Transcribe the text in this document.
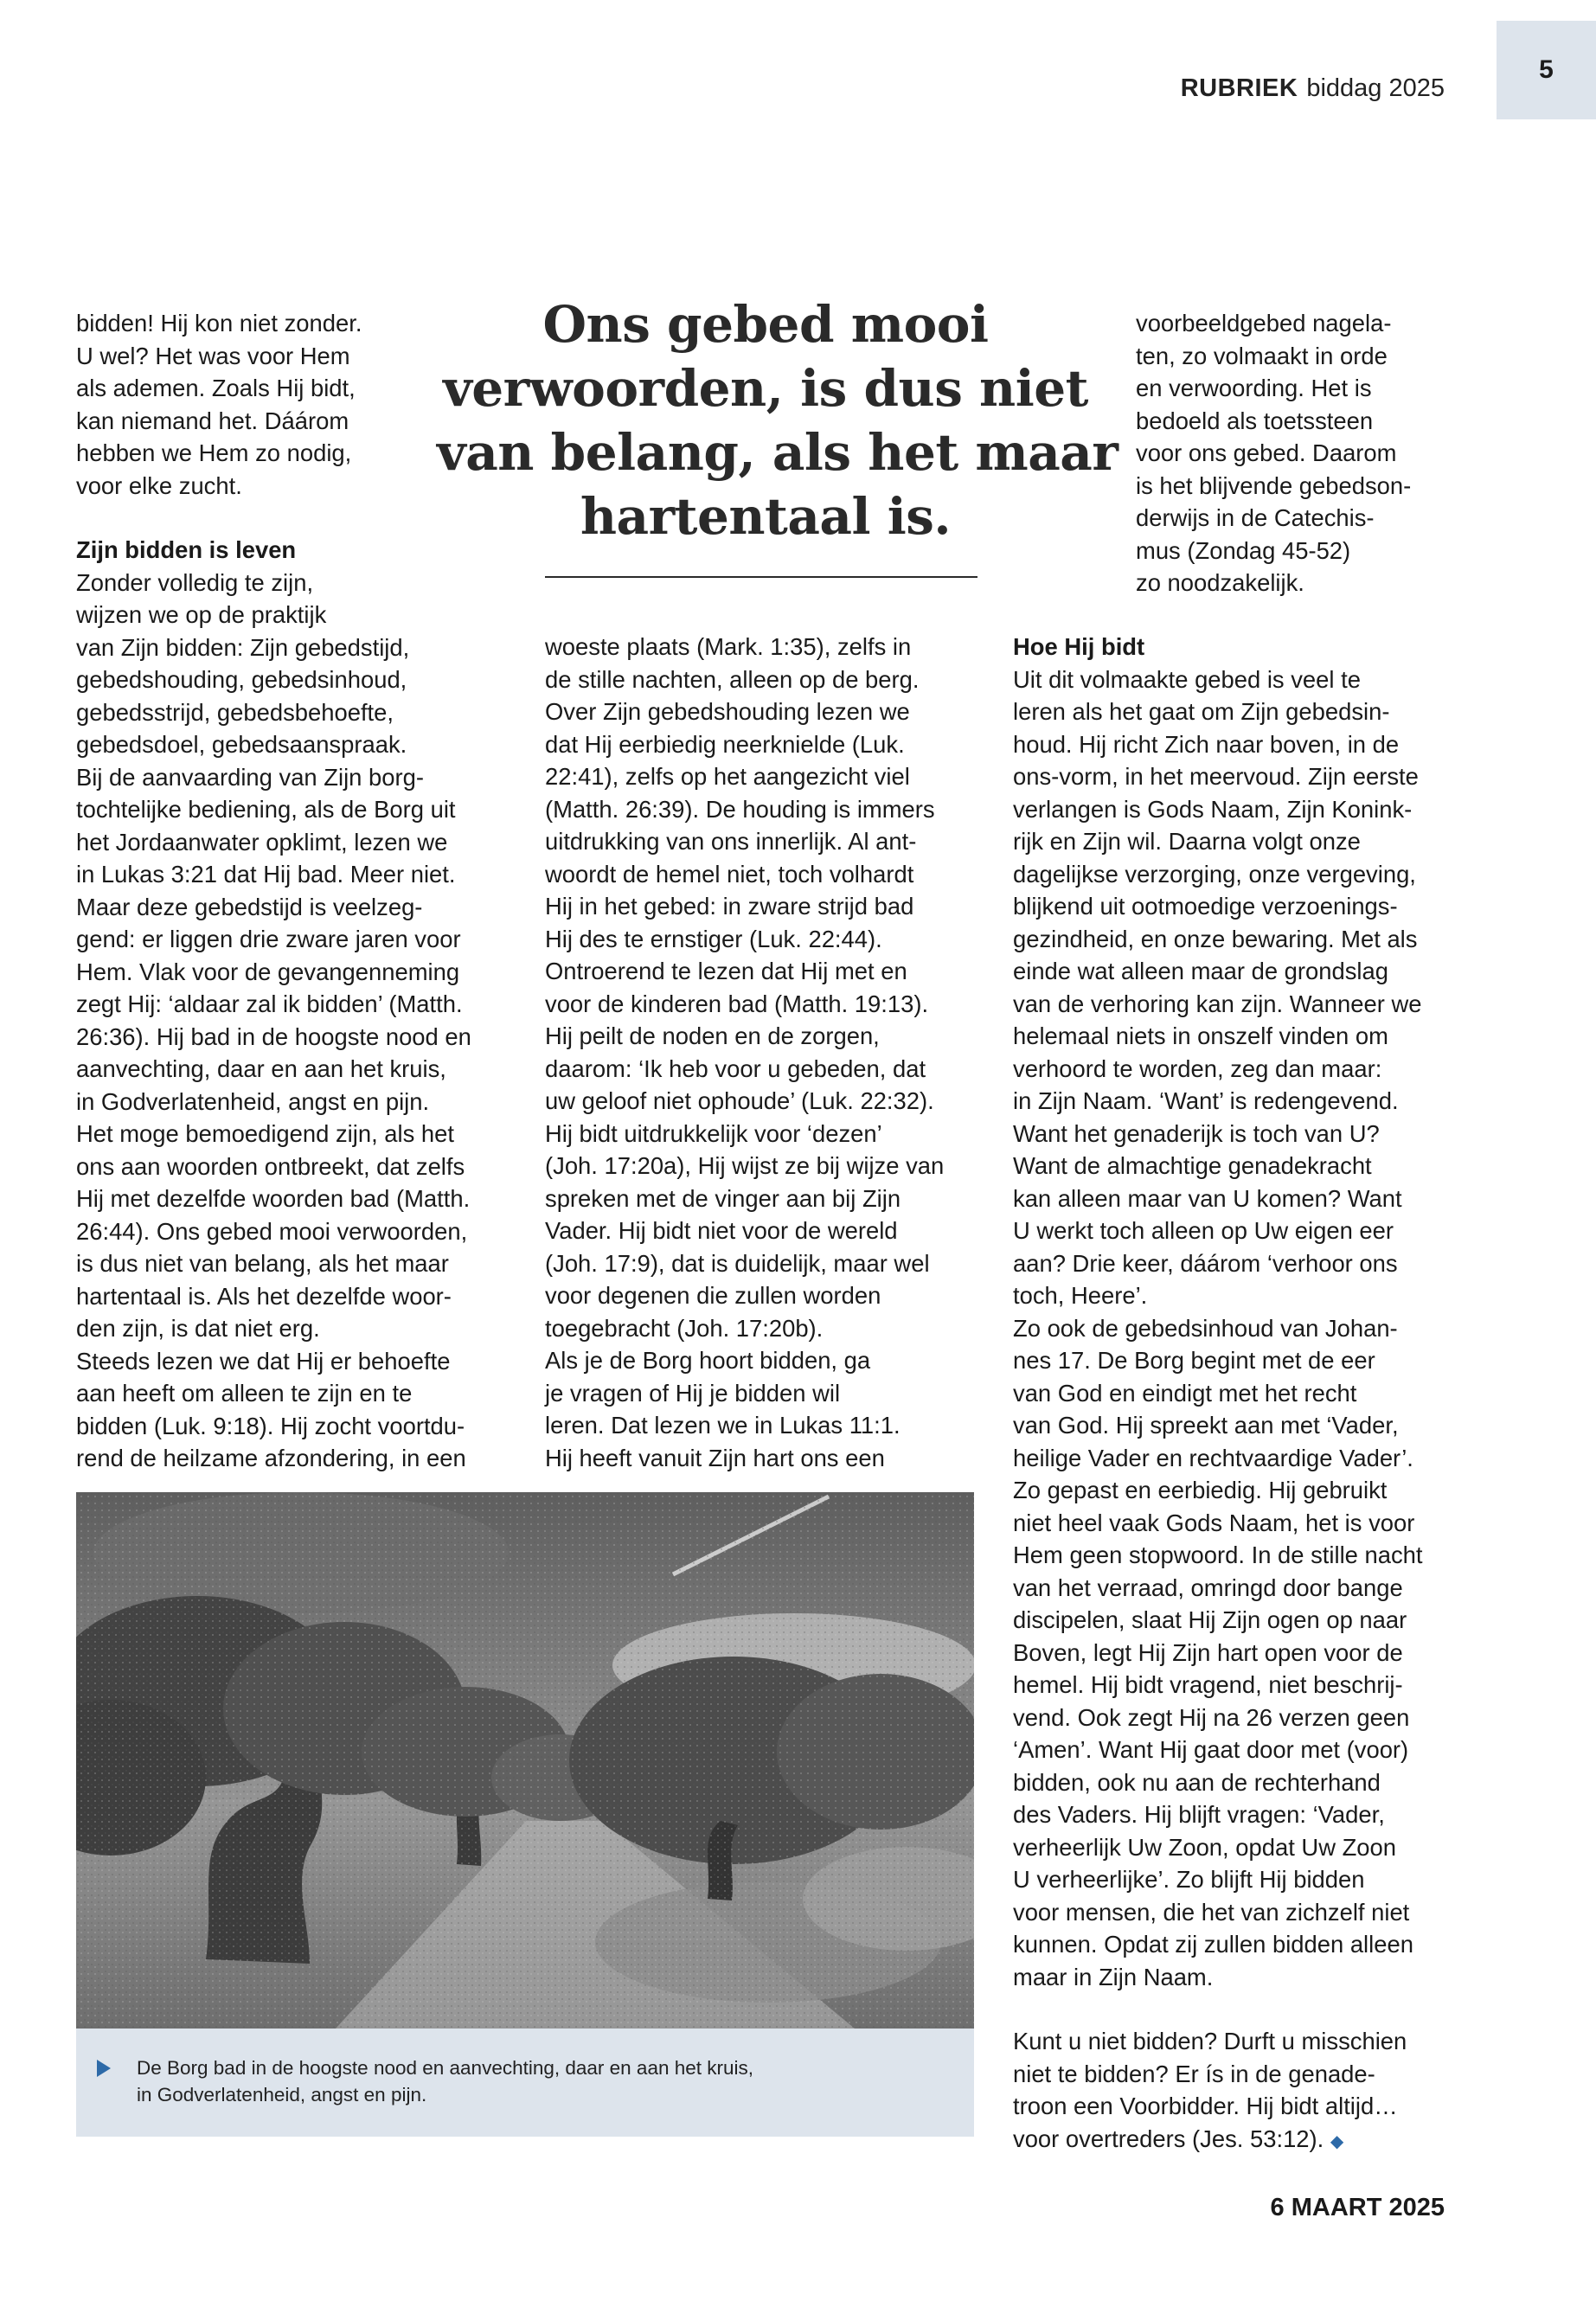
5
RUBRIEK biddag 2025

bidden! Hij kon niet zonder.

U wel? Het was voor Hem

als ademen. Zoals Hij bidt,

kan niemand het. Dáárom

hebben we Hem zo nodig,

voor elke zucht.

Zijn bidden is leven

Zonder volledig te zijn,

wijzen we op de praktijk

van Zijn bidden: Zijn gebedstijd,

gebedshouding, gebedsinhoud,

gebedsstrijd, gebedsbehoefte,

gebedsdoel, gebedsaanspraak.

Bij de aanvaarding van Zijn borg-

tochtelijke bediening, als de Borg uit

het Jordaanwater opklimt, lezen we

in Lukas 3:21 dat Hij bad. Meer niet.

Maar deze gebedstijd is veelzeg-

gend: er liggen drie zware jaren voor

Hem. Vlak voor de gevangenneming

zegt Hij: ‘aldaar zal ik bidden’ (Matth.

26:36). Hij bad in de hoogste nood en

aanvechting, daar en aan het kruis,

in Godverlatenheid, angst en pijn.

Het moge bemoedigend zijn, als het

ons aan woorden ontbreekt, dat zelfs

Hij met dezelfde woorden bad (Matth.

26:44). Ons gebed mooi verwoorden,

is dus niet van belang, als het maar

hartentaal is. Als het dezelfde woor-

den zijn, is dat niet erg.

Steeds lezen we dat Hij er behoefte

aan heeft om alleen te zijn en te

bidden (Luk. 9:18). Hij zocht voortdu-

rend de heilzame afzondering, in een

Ons gebed mooi

verwoorden, is dus niet

van belang, als het maar

hartentaal is.

woeste plaats (Mark. 1:35), zelfs in

de stille nachten, alleen op de berg.

Over Zijn gebedshouding lezen we

dat Hij eerbiedig neerknielde (Luk.

22:41), zelfs op het aangezicht viel

(Matth. 26:39). De houding is immers

uitdrukking van ons innerlijk. Al ant-

woordt de hemel niet, toch volhardt

Hij in het gebed: in zware strijd bad

Hij des te ernstiger (Luk. 22:44).

Ontroerend te lezen dat Hij met en

voor de kinderen bad (Matth. 19:13).

Hij peilt de noden en de zorgen,

daarom: ‘Ik heb voor u gebeden, dat

uw geloof niet ophoude’ (Luk. 22:32).

Hij bidt uitdrukkelijk voor ‘dezen’

(Joh. 17:20a), Hij wijst ze bij wijze van

spreken met de vinger aan bij Zijn

Vader. Hij bidt niet voor de wereld

(Joh. 17:9), dat is duidelijk, maar wel

voor degenen die zullen worden

toegebracht (Joh. 17:20b).

Als je de Borg hoort bidden, ga

je vragen of Hij je bidden wil

leren. Dat lezen we in Lukas 11:1.

Hij heeft vanuit Zijn hart ons een

voorbeeldgebed nagela-

ten, zo volmaakt in orde

en verwoording. Het is

bedoeld als toetssteen

voor ons gebed. Daarom

is het blijvende gebedson-

derwijs in de Catechis-

mus (Zondag 45-52)

zo noodzakelijk.

Hoe Hij bidt

Uit dit volmaakte gebed is veel te

leren als het gaat om Zijn gebedsin-

houd. Hij richt Zich naar boven, in de

ons-vorm, in het meervoud. Zijn eerste

verlangen is Gods Naam, Zijn Konink-

rijk en Zijn wil. Daarna volgt onze

dagelijkse verzorging, onze vergeving,

blijkend uit ootmoedige verzoenings-

gezindheid, en onze bewaring. Met als

einde wat alleen maar de grondslag

van de verhoring kan zijn. Wanneer we

helemaal niets in onszelf vinden om

verhoord te worden, zeg dan maar:

in Zijn Naam. ‘Want’ is redengevend.

Want het genaderijk is toch van U?

Want de almachtige genadekracht

kan alleen maar van U komen? Want

U werkt toch alleen op Uw eigen eer

aan? Drie keer, dáárom ‘verhoor ons

toch, Heere’.

Zo ook de gebedsinhoud van Johan-

nes 17. De Borg begint met de eer

van God en eindigt met het recht

van God. Hij spreekt aan met ‘Vader,

heilige Vader en rechtvaardige Vader’.

Zo gepast en eerbiedig. Hij gebruikt

niet heel vaak Gods Naam, het is voor

Hem geen stopwoord. In de stille nacht

van het verraad, omringd door bange

discipelen, slaat Hij Zijn ogen op naar

Boven, legt Hij Zijn hart open voor de

hemel. Hij bidt vragend, niet beschrij-

vend. Ook zegt Hij na 26 verzen geen

‘Amen’. Want Hij gaat door met (voor)

bidden, ook nu aan de rechterhand

des Vaders. Hij blijft vragen: ‘Vader,

verheerlijk Uw Zoon, opdat Uw Zoon

U verheerlijke’. Zo blijft Hij bidden

voor mensen, die het van zichzelf niet

kunnen. Opdat zij zullen bidden alleen

maar in Zijn Naam.

Kunt u niet bidden? Durft u misschien

niet te bidden? Er ís in de genade-

troon een Voorbidder. Hij bidt altijd…

voor overtreders (Jes. 53:12). ◆

De Borg bad in de hoogste nood en aanvechting, daar en aan het kruis,

in Godverlatenheid, angst en pijn.

6 MAART 2025
